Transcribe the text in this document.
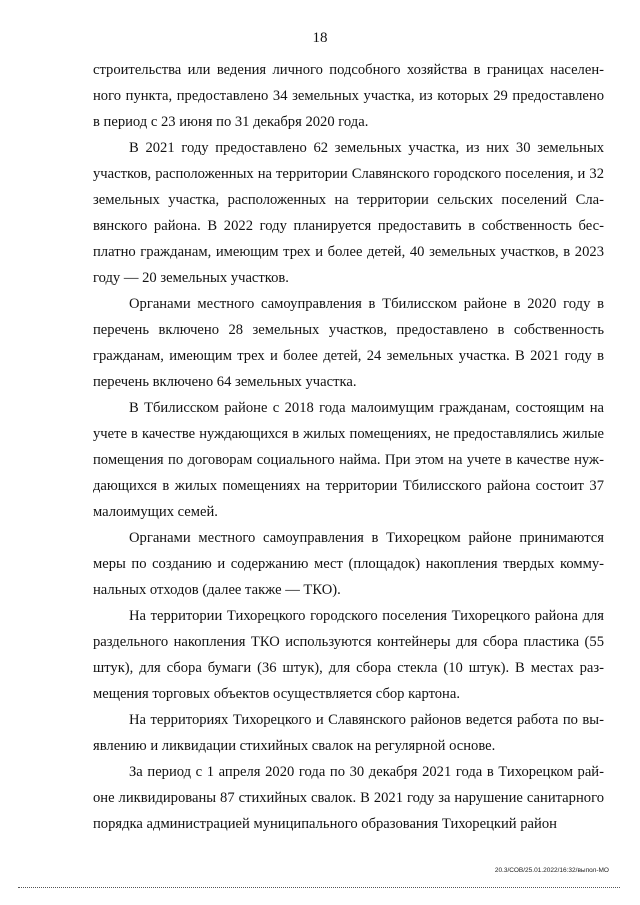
18

строительства или ведения личного подсобного хозяйства в границах населенного пункта, предоставлено 34 земельных участка, из которых 29 предоставлено в период с 23 июня по 31 декабря 2020 года.

В 2021 году предоставлено 62 земельных участка, из них 30 земельных участков, расположенных на территории Славянского городского поселения, и 32 земельных участка, расположенных на территории сельских поселений Славянского района. В 2022 году планируется предоставить в собственность бесплатно гражданам, имеющим трех и более детей, 40 земельных участков, в 2023 году — 20 земельных участков.

Органами местного самоуправления в Тбилисском районе в 2020 году в перечень включено 28 земельных участков, предоставлено в собственность гражданам, имеющим трех и более детей, 24 земельных участка. В 2021 году в перечень включено 64 земельных участка.

В Тбилисском районе с 2018 года малоимущим гражданам, состоящим на учете в качестве нуждающихся в жилых помещениях, не предоставлялись жилые помещения по договорам социального найма. При этом на учете в качестве нуждающихся в жилых помещениях на территории Тбилисского района состоит 37 малоимущих семей.

Органами местного самоуправления в Тихорецком районе принимаются меры по созданию и содержанию мест (площадок) накопления твердых коммунальных отходов (далее также — ТКО).

На территории Тихорецкого городского поселения Тихорецкого района для раздельного накопления ТКО используются контейнеры для сбора пластика (55 штук), для сбора бумаги (36 штук), для сбора стекла (10 штук). В местах размещения торговых объектов осуществляется сбор картона.

На территориях Тихорецкого и Славянского районов ведется работа по выявлению и ликвидации стихийных свалок на регулярной основе.

За период с 1 апреля 2020 года по 30 декабря 2021 года в Тихорецком районе ликвидированы 87 стихийных свалок. В 2021 году за нарушение санитарного порядка администрацией муниципального образования Тихорецкий район

20.3/СОВ/25.01.2022/16:32/выпол-МО
